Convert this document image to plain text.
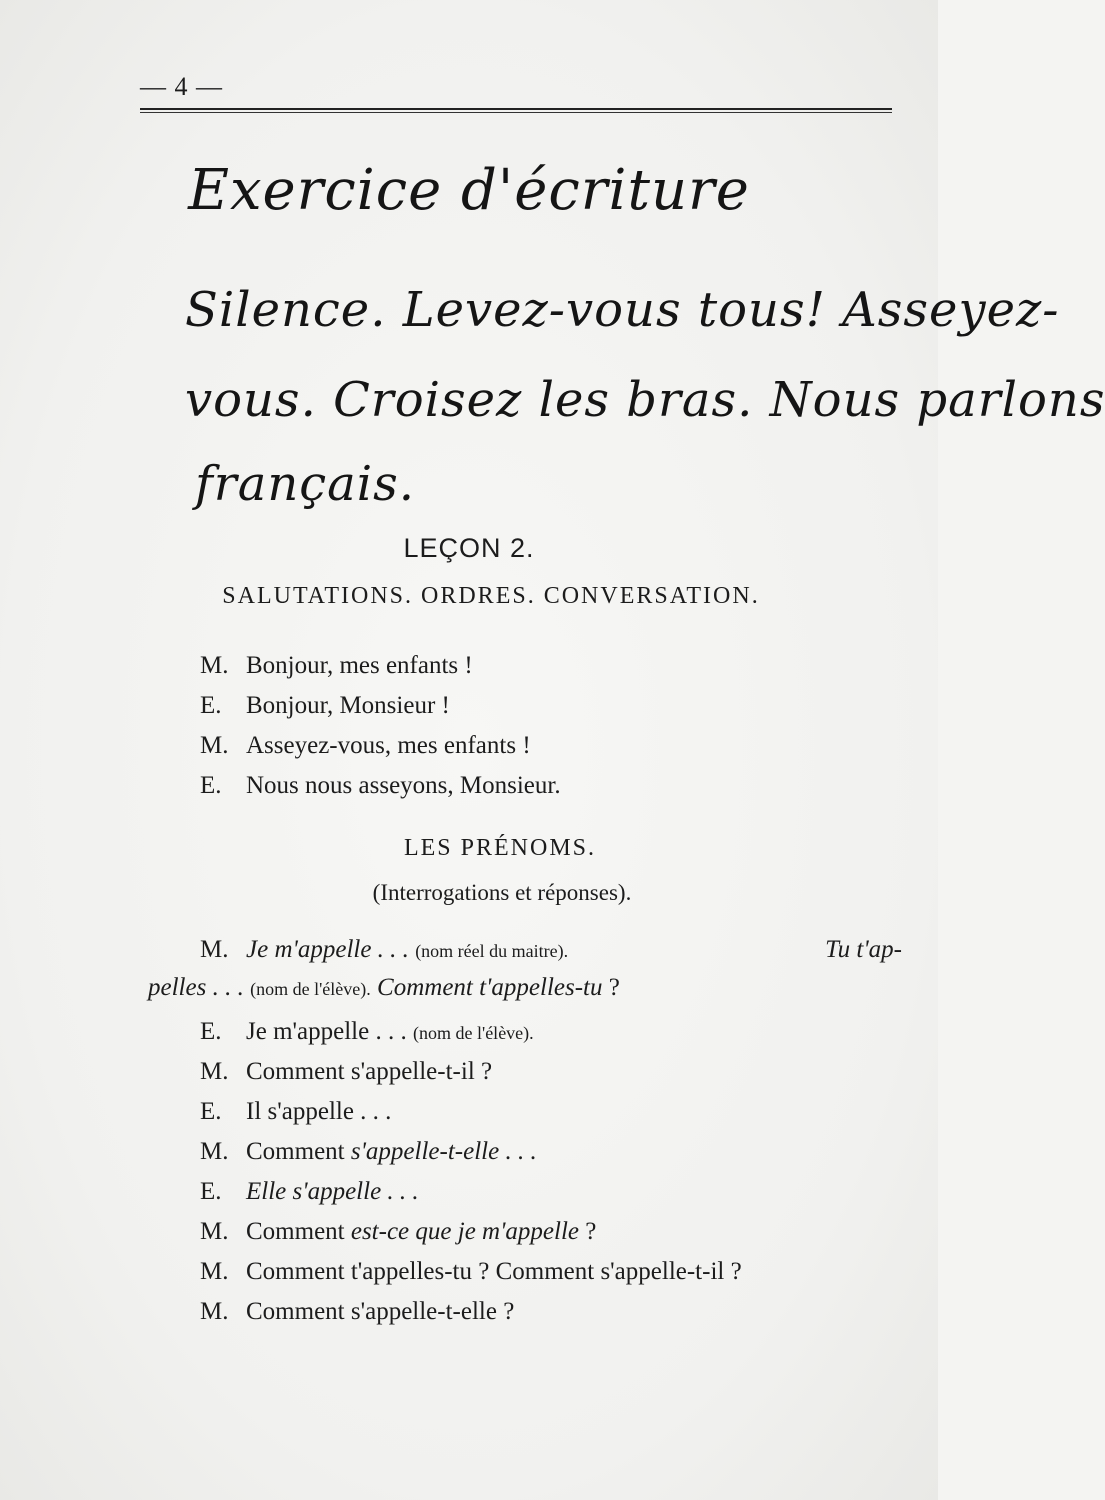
— 4 —
Exercice d'écriture
Silence. Levez-vous tous! Asseyez-
vous. Croisez les bras. Nous parlons
français.
LEÇON 2.
SALUTATIONS. ORDRES. CONVERSATION.
M. Bonjour, mes enfants !
E. Bonjour, Monsieur !
M. Asseyez-vous, mes enfants !
E. Nous nous asseyons, Monsieur.
LES PRÉNOMS.
(Interrogations et réponses).
M. Je m'appelle . . . (nom réel du maitre).	Tu t'ap-
pelles . . . (nom de l'élève). Comment t'appelles-tu ?
E. Je m'appelle . . . (nom de l'élève).
M. Comment s'appelle-t-il ?
E. Il s'appelle . . .
M. Comment s'appelle-t-elle . . .
E. Elle s'appelle . . .
M. Comment est-ce que je m'appelle ?
M. Comment t'appelles-tu ? Comment s'appelle-t-il ?
M. Comment s'appelle-t-elle ?
